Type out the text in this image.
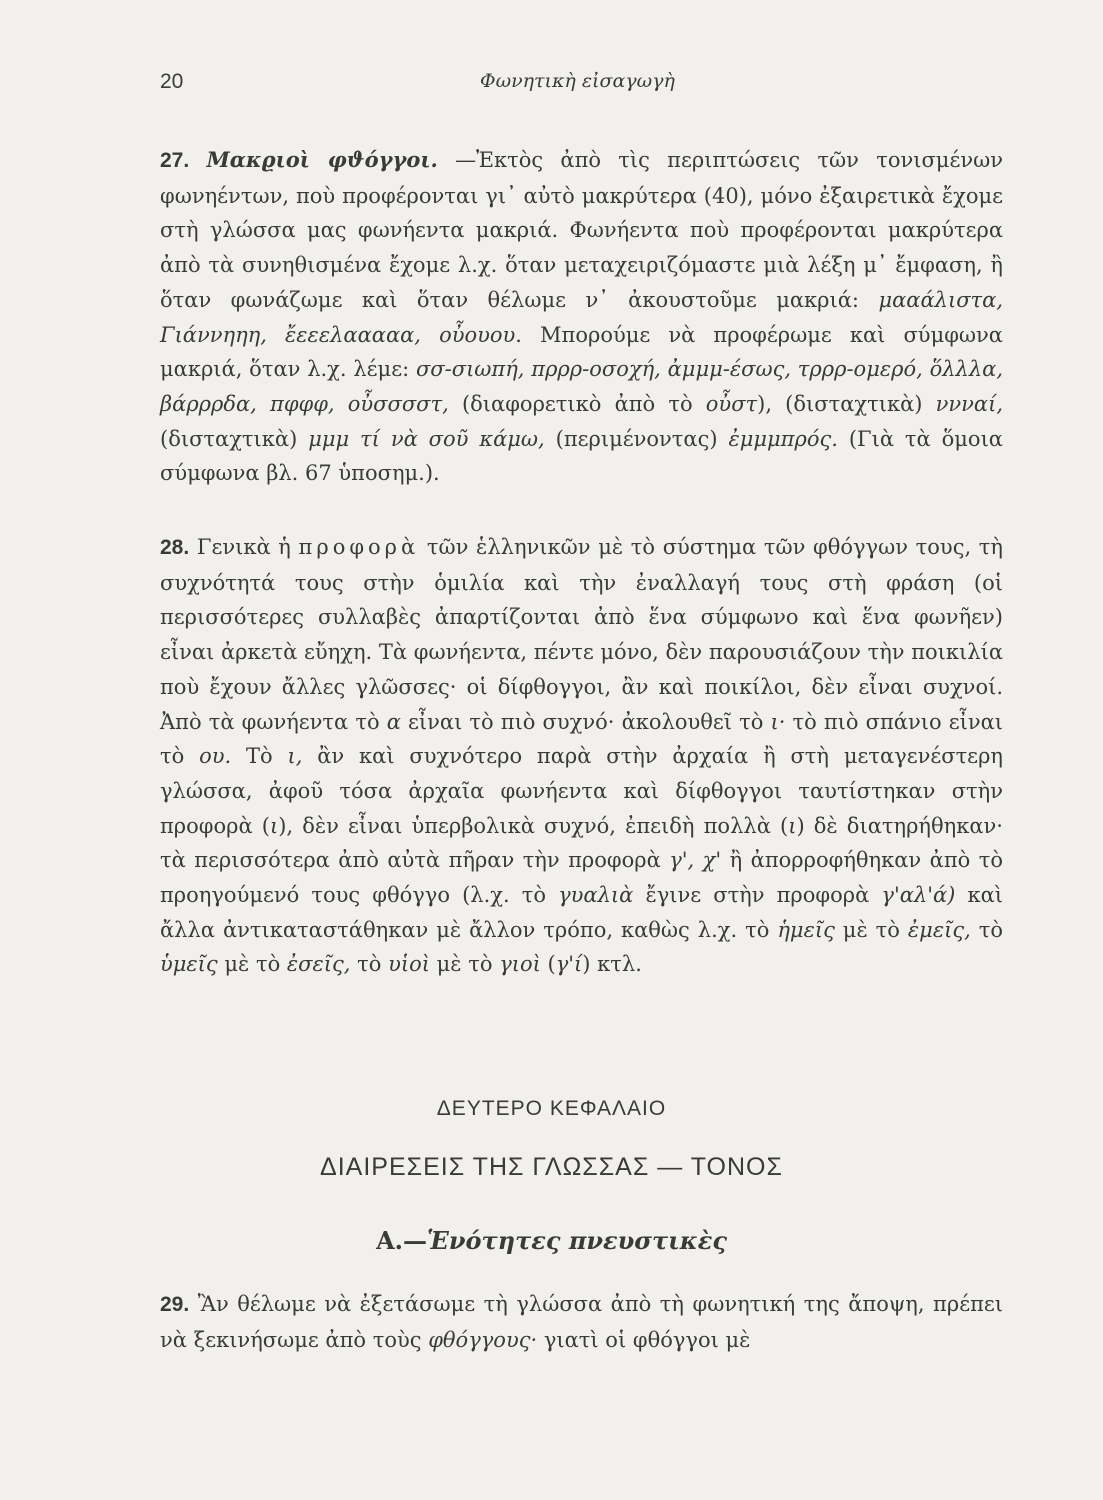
20	Φωνητικὴ εἰσαγωγὴ
27. Μακϱιοὶ φϑόγγοι. —Ἐκτὸς ἀπὸ τὶς περιπτώσεις τῶν τονισμένων φωνηέντων, ποὺ προφέρονται γι᾽ αὐτὸ μακρύτερα (40), μόνο ἐξαιρετικὰ ἔχομε στὴ γλώσσα μας φωνήεντα μακριά. Φωνήεντα ποὺ προφέρονται μακρύτερα ἀπὸ τὰ συνηθισμένα ἔχομε λ.χ. ὅταν μεταχειριζόμαστε μιὰ λέξη μ᾽ ἔμφαση, ἢ ὅταν φωνάζωμε καὶ ὅταν θέλωμε ν᾽ ἀκουστοῦμε μακριά: μααάλιστα, Γιάννηηη, ἔεεελααααα, οὖουου. Μπορούμε νὰ προφέρωμε καὶ σύμφωνα μακριά, ὅταν λ.χ. λέμε: σσ-σιωπή, πρρρ-οσοχή, ἀμμμ-έσως, τρρρ-ομερό, ὅλλλα, βάρρρδα, πφφφ, οὖσσσστ, (διαφορετικὸ ἀπὸ τὸ οὖστ), (δισταχτικὰ) ννναί, (δισταχτικὰ) μμμ τί νὰ σοῦ κάμω, (περιμένοντας) ἐμμμπρός. (Γιὰ τὰ ὅμοια σύμφωνα βλ. 67 ὑποσημ.).
28. Γενικὰ ἡ προφορὰ τῶν ἑλληνικῶν μὲ τὸ σύστημα τῶν φθόγγων τους, τὴ συχνότητά τους στὴν ὁμιλία καὶ τὴν ἐναλλαγή τους στὴ φράση (οἱ περισσότερες συλλαβὲς ἀπαρτίζονται ἀπὸ ἕνα σύμφωνο καὶ ἕνα φωνῆεν) εἶναι ἀρκετὰ εὔηχη. Τὰ φωνήεντα, πέντε μόνο, δὲν παρουσιάζουν τὴν ποικιλία ποὺ ἔχουν ἄλλες γλῶσσες· οἱ δίφθογγοι, ἂν καὶ ποικίλοι, δὲν εἶναι συχνοί. Ἀπὸ τὰ φωνήεντα τὸ α εἶναι τὸ πιὸ συχνό· ἀκολουθεῖ τὸ ι· τὸ πιὸ σπάνιο εἶναι τὸ ου. Τὸ ι, ἂν καὶ συχνότερο παρὰ στὴν ἀρχαία ἢ στὴ μεταγενέστερη γλώσσα, ἀφοῦ τόσα ἀρχαῖα φωνήεντα καὶ δίφθογγοι ταυτίστηκαν στὴν προφορὰ (ι), δὲν εἶναι ὑπερβολικὰ συχνό, ἐπειδὴ πολλὰ (ι) δὲ διατηρήθηκαν· τὰ περισσότερα ἀπὸ αὐτὰ πῆραν τὴν προφορὰ γ', χ' ἢ ἀπορροφήθηκαν ἀπὸ τὸ προηγούμενό τους φθόγγο (λ.χ. τὸ γυαλιὰ ἔγινε στὴν προφορὰ γ'αλ'ά) καὶ ἄλλα ἀντικαταστάθηκαν μὲ ἄλλον τρόπο, καθὼς λ.χ. τὸ ἡμεῖς μὲ τὸ ἐμεῖς, τὸ ὑμεῖς μὲ τὸ ἐσεῖς, τὸ υἱοὶ μὲ τὸ γιοὶ (γ'ί) κτλ.
ΔΕΥΤΕΡΟ ΚΕΦΑΛΑΙΟ
ΔΙΑΙΡΕΣΕΙΣ ΤΗΣ ΓΛΩΣΣΑΣ — ΤΟΝΟΣ
Α.—Ἑνότητες πνευστικὲς
29. Ἂν θέλωμε νὰ ἐξετάσωμε τὴ γλώσσα ἀπὸ τὴ φωνητική της ἄποψη, πρέπει νὰ ξεκινήσωμε ἀπὸ τοὺς φθόγγους· γιατὶ οἱ φθόγγοι μὲ
